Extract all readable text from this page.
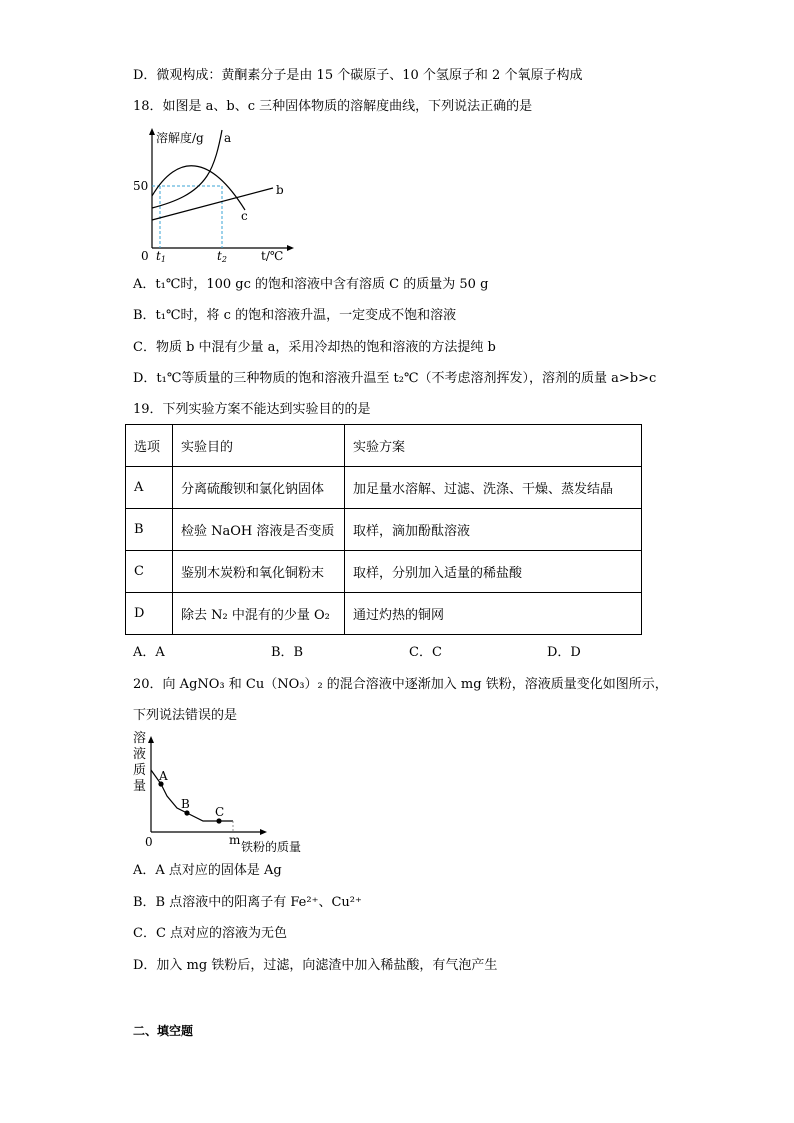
D．微观构成：黄酮素分子是由 15 个碳原子、10 个氢原子和 2 个氧原子构成
18．如图是 a、b、c 三种固体物质的溶解度曲线，下列说法正确的是
溶解度/g
50
0 t1	t2	t/℃
a
b
c
A．t₁℃时，100 gc 的饱和溶液中含有溶质 C 的质量为 50 g
B．t₁℃时，将 c 的饱和溶液升温，一定变成不饱和溶液
C．物质 b 中混有少量 a，采用冷却热的饱和溶液的方法提纯 b
D．t₁℃等质量的三种物质的饱和溶液升温至 t₂℃（不考虑溶剂挥发），溶剂的质量 a>b>c
19．下列实验方案不能达到实验目的的是
选项	实验目的	实验方案
A	分离硫酸钡和氯化钠固体	加足量水溶解、过滤、洗涤、干燥、蒸发结晶
B	检验 NaOH 溶液是否变质	取样，滴加酚酞溶液
C	鉴别木炭粉和氧化铜粉末	取样，分别加入适量的稀盐酸
D	除去 N₂ 中混有的少量 O₂	通过灼热的铜网
A．A	B．B	C．C	D．D
20．向 AgNO₃ 和 Cu（NO₃）₂ 的混合溶液中逐渐加入 mg 铁粉，溶液质量变化如图所示，
下列说法错误的是
溶
液
质
量
A
B
C
0	m 铁粉的质量
A．A 点对应的固体是 Ag
B．B 点溶液中的阳离子有 Fe²⁺、Cu²⁺
C．C 点对应的溶液为无色
D．加入 mg 铁粉后，过滤，向滤渣中加入稀盐酸，有气泡产生
二、填空题
